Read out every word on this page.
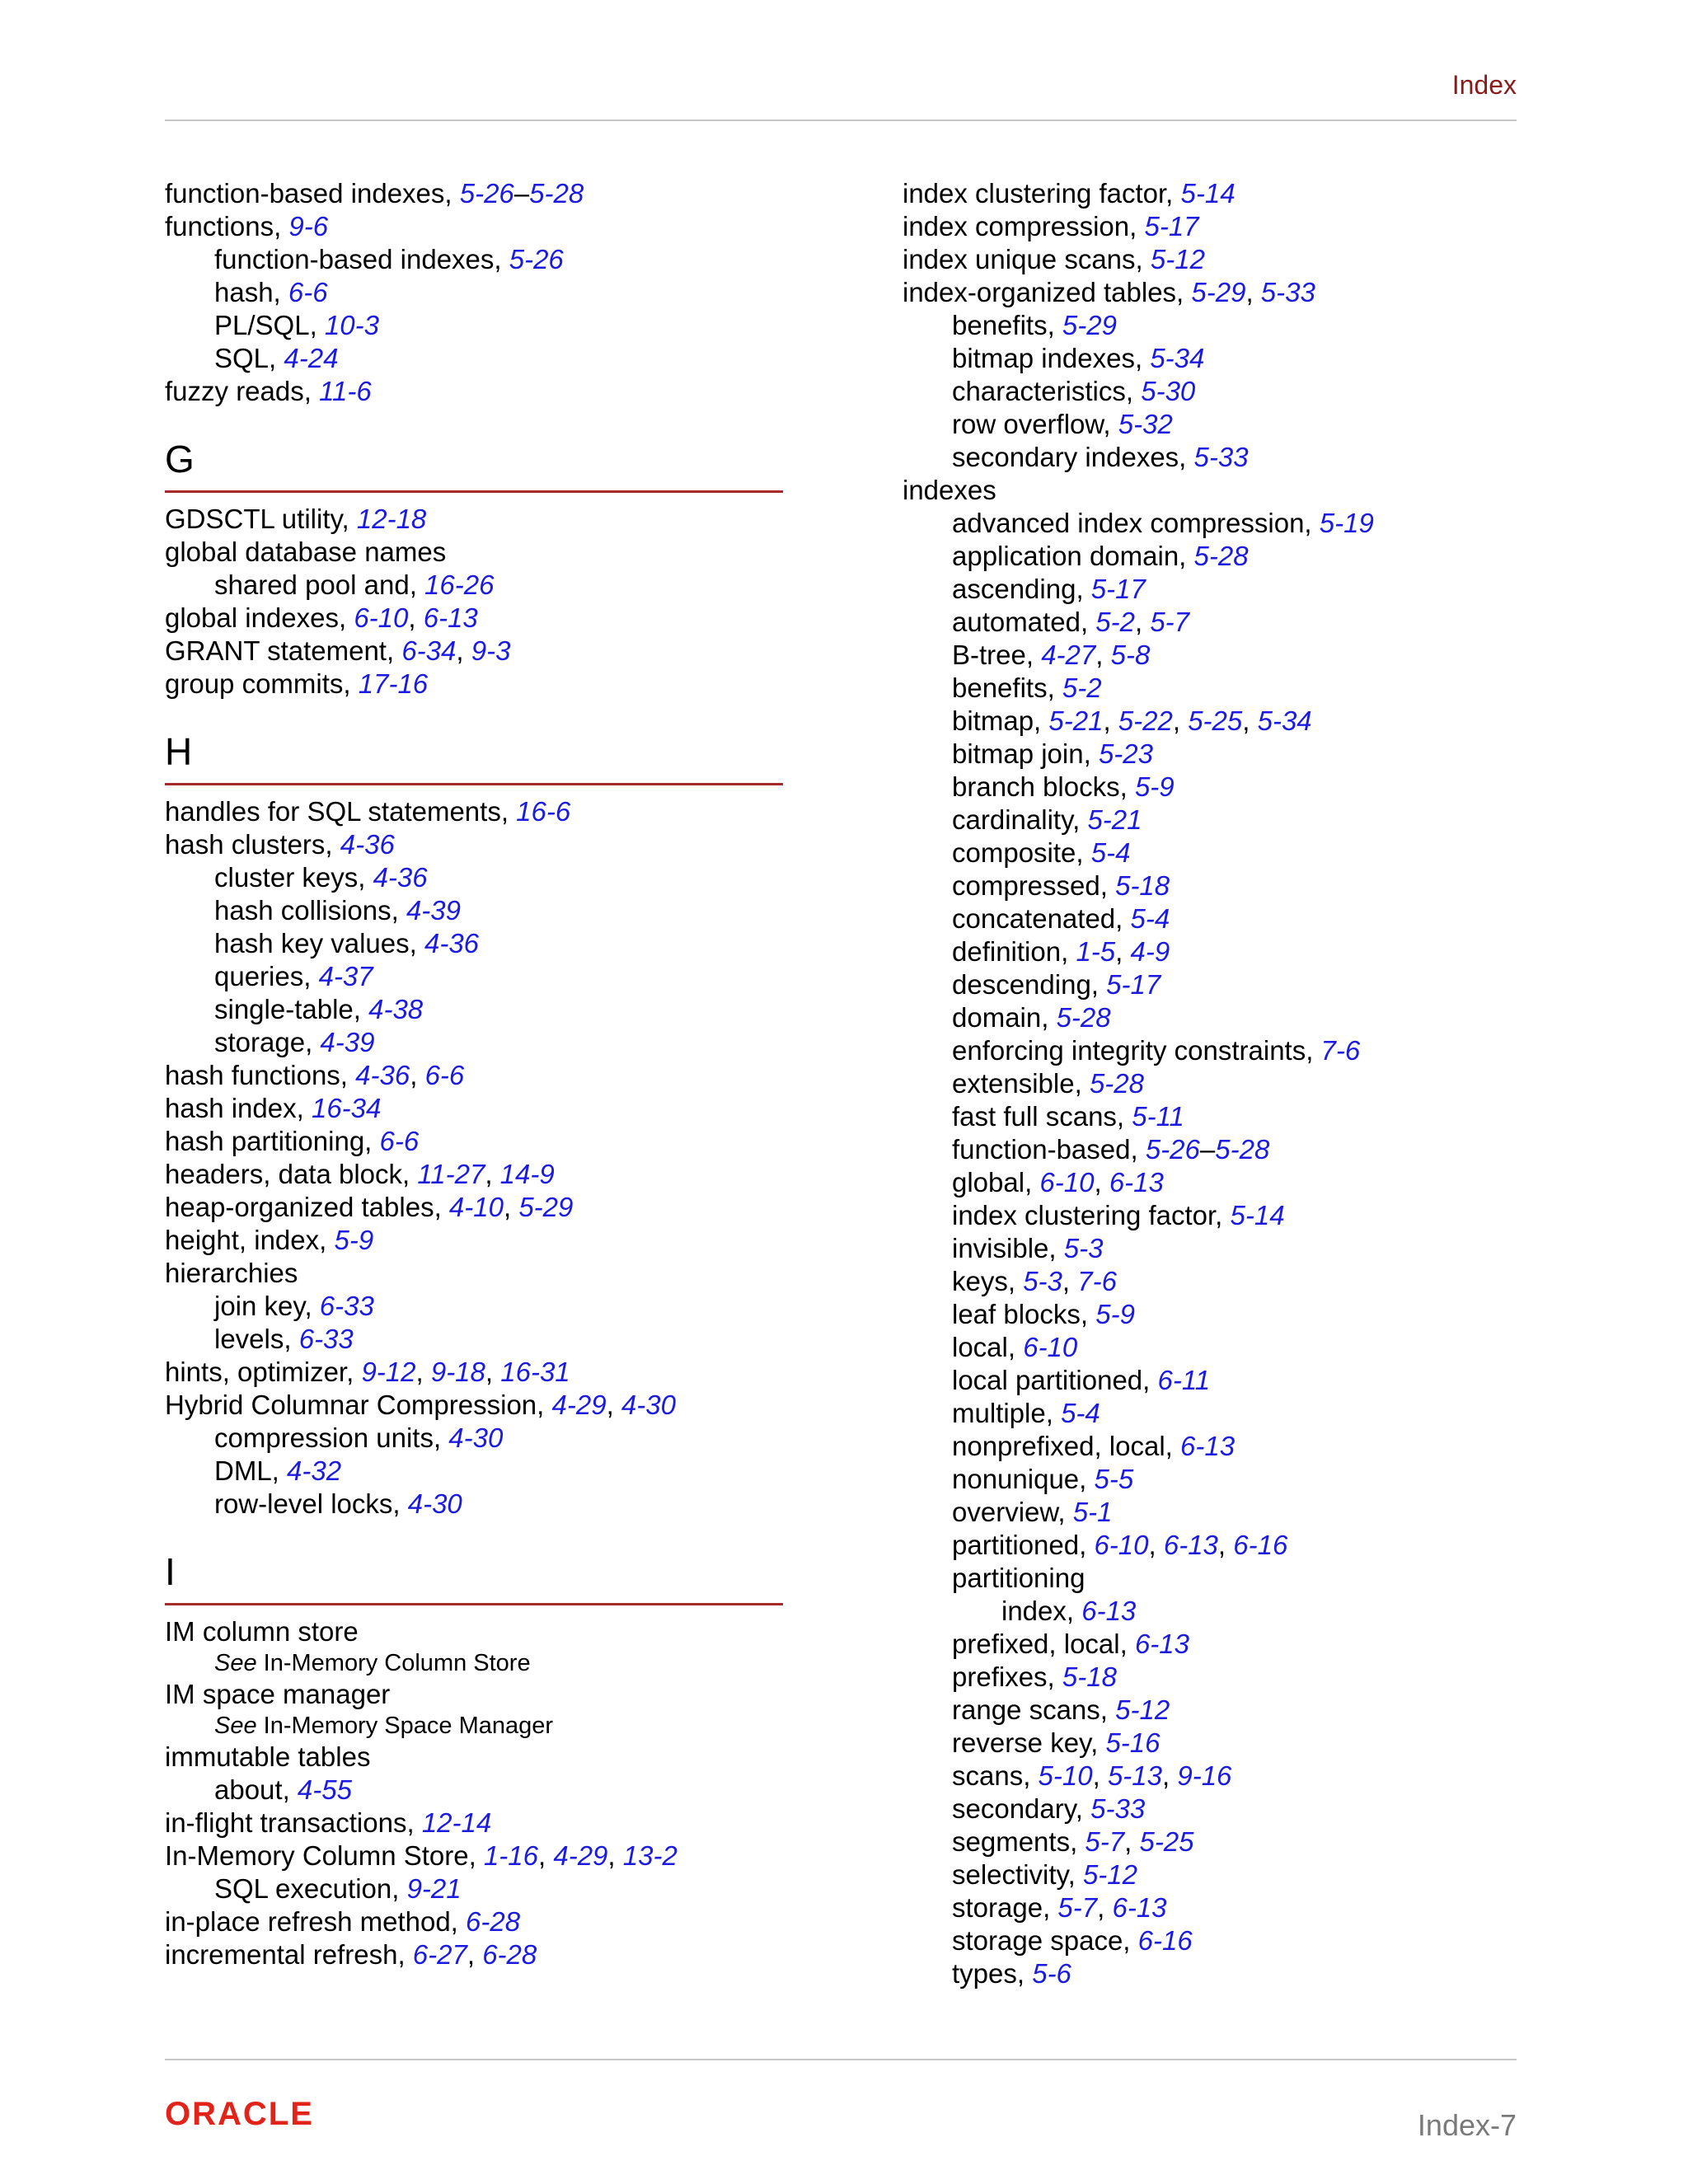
Index
function-based indexes, 5-26–5-28
functions, 9-6
function-based indexes, 5-26
hash, 6-6
PL/SQL, 10-3
SQL, 4-24
fuzzy reads, 11-6
G
GDSCTL utility, 12-18
global database names
shared pool and, 16-26
global indexes, 6-10, 6-13
GRANT statement, 6-34, 9-3
group commits, 17-16
H
handles for SQL statements, 16-6
hash clusters, 4-36
cluster keys, 4-36
hash collisions, 4-39
hash key values, 4-36
queries, 4-37
single-table, 4-38
storage, 4-39
hash functions, 4-36, 6-6
hash index, 16-34
hash partitioning, 6-6
headers, data block, 11-27, 14-9
heap-organized tables, 4-10, 5-29
height, index, 5-9
hierarchies
join key, 6-33
levels, 6-33
hints, optimizer, 9-12, 9-18, 16-31
Hybrid Columnar Compression, 4-29, 4-30
compression units, 4-30
DML, 4-32
row-level locks, 4-30
I
IM column store
See In-Memory Column Store
IM space manager
See In-Memory Space Manager
immutable tables
about, 4-55
in-flight transactions, 12-14
In-Memory Column Store, 1-16, 4-29, 13-2
SQL execution, 9-21
in-place refresh method, 6-28
incremental refresh, 6-27, 6-28
index clustering factor, 5-14
index compression, 5-17
index unique scans, 5-12
index-organized tables, 5-29, 5-33
benefits, 5-29
bitmap indexes, 5-34
characteristics, 5-30
row overflow, 5-32
secondary indexes, 5-33
indexes
advanced index compression, 5-19
application domain, 5-28
ascending, 5-17
automated, 5-2, 5-7
B-tree, 4-27, 5-8
benefits, 5-2
bitmap, 5-21, 5-22, 5-25, 5-34
bitmap join, 5-23
branch blocks, 5-9
cardinality, 5-21
composite, 5-4
compressed, 5-18
concatenated, 5-4
definition, 1-5, 4-9
descending, 5-17
domain, 5-28
enforcing integrity constraints, 7-6
extensible, 5-28
fast full scans, 5-11
function-based, 5-26–5-28
global, 6-10, 6-13
index clustering factor, 5-14
invisible, 5-3
keys, 5-3, 7-6
leaf blocks, 5-9
local, 6-10
local partitioned, 6-11
multiple, 5-4
nonprefixed, local, 6-13
nonunique, 5-5
overview, 5-1
partitioned, 6-10, 6-13, 6-16
partitioning
index, 6-13
prefixed, local, 6-13
prefixes, 5-18
range scans, 5-12
reverse key, 5-16
scans, 5-10, 5-13, 9-16
secondary, 5-33
segments, 5-7, 5-25
selectivity, 5-12
storage, 5-7, 6-13
storage space, 6-16
types, 5-6
ORACLE	Index-7
